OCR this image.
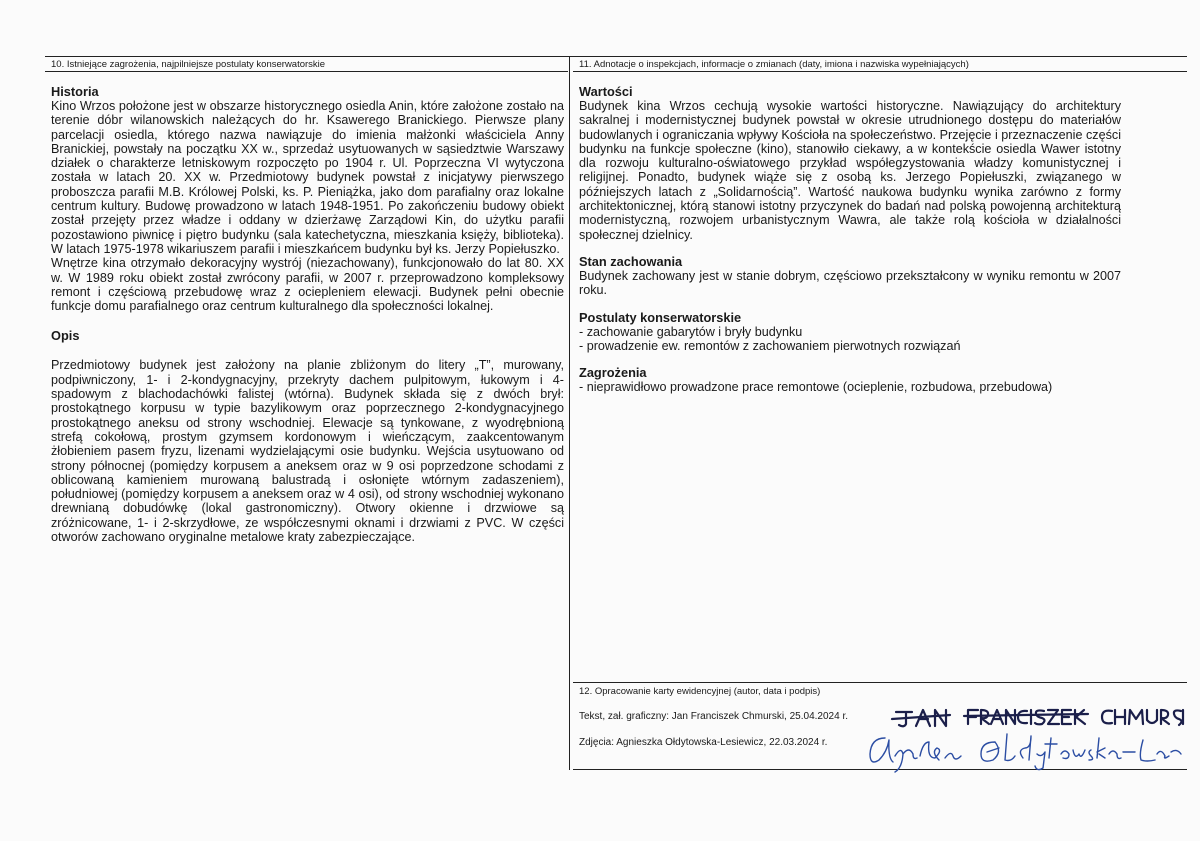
10. Istniejące zagrożenia, najpilniejsze postulaty konserwatorskie	11. Adnotacje o inspekcjach, informacje o zmianach (daty, imiona i nazwiska wypełniających)
Historia

Kino Wrzos położone jest w obszarze historycznego osiedla Anin, które założone zostało na terenie dóbr wilanowskich należących do hr. Ksawerego Branickiego. Pierwsze plany parcelacji osiedla, którego nazwa nawiązuje do imienia małżonki właściciela Anny Branickiej, powstały na początku XX w., sprzedaż usytuowanych w sąsiedztwie Warszawy działek o charakterze letniskowym rozpoczęto po 1904 r. Ul. Poprzeczna VI wytyczona została w latach 20. XX w. Przedmiotowy budynek powstał z inicjatywy pierwszego proboszcza parafii M.B. Królowej Polski, ks. P. Pieniążka, jako dom parafialny oraz lokalne centrum kultury. Budowę prowadzono w latach 1948-1951. Po zakończeniu budowy obiekt został przejęty przez władze i oddany w dzierżawę Zarządowi Kin, do użytku parafii pozostawiono piwnicę i piętro budynku (sala katechetyczna, mieszkania księży, biblioteka). W latach 1975-1978 wikariuszem parafii i mieszkańcem budynku był ks. Jerzy Popiełuszko.

Wnętrze kina otrzymało dekoracyjny wystrój (niezachowany), funkcjonowało do lat 80. XX w. W 1989 roku obiekt został zwrócony parafii, w 2007 r. przeprowadzono kompleksowy remont i częściową przebudowę wraz z ociepleniem elewacji. Budynek pełni obecnie funkcje domu parafialnego oraz centrum kulturalnego dla społeczności lokalnej.

Opis

Przedmiotowy budynek jest założony na planie zbliżonym do litery „T”, murowany, podpiwniczony, 1- i 2-kondygnacyjny, przekryty dachem pulpitowym, łukowym i 4-spadowym z blachodachówki falistej (wtórna). Budynek składa się z dwóch brył: prostokątnego korpusu w typie bazylikowym oraz poprzecznego 2-kondygnacyjnego prostokątnego aneksu od strony wschodniej. Elewacje są tynkowane, z wyodrębnioną strefą cokołową, prostym gzymsem kordonowym i wieńczącym, zaakcentowanym żłobieniem pasem fryzu, lizenami wydzielającymi osie budynku. Wejścia usytuowano od strony północnej (pomiędzy korpusem a aneksem oraz w 9 osi poprzedzone schodami z oblicowaną kamieniem murowaną balustradą i osłonięte wtórnym zadaszeniem), południowej (pomiędzy korpusem a aneksem oraz w 4 osi), od strony wschodniej wykonano drewnianą dobudówkę (lokal gastronomiczny). Otwory okienne i drzwiowe są zróżnicowane, 1- i 2-skrzydłowe, ze współczesnymi oknami i drzwiami z PVC. W części otworów zachowano oryginalne metalowe kraty zabezpieczające.

Wartości

Budynek kina Wrzos cechują wysokie wartości historyczne. Nawiązujący do architektury sakralnej i modernistycznej budynek powstał w okresie utrudnionego dostępu do materiałów budowlanych i ograniczania wpływy Kościoła na społeczeństwo. Przejęcie i przeznaczenie części budynku na funkcje społeczne (kino), stanowiło ciekawy, a w kontekście osiedla Wawer istotny dla rozwoju kulturalno-oświatowego przykład współegzystowania władzy komunistycznej i religijnej. Ponadto, budynek wiąże się z osobą ks. Jerzego Popiełuszki, związanego w późniejszych latach z „Solidarnością”. Wartość naukowa budynku wynika zarówno z formy architektonicznej, którą stanowi istotny przyczynek do badań nad polską powojenną architekturą modernistyczną, rozwojem urbanistycznym Wawra, ale także rolą kościoła w działalności społecznej dzielnicy.

Stan zachowania

Budynek zachowany jest w stanie dobrym, częściowo przekształcony w wyniku remontu w 2007 roku.

Postulaty konserwatorskie
- zachowanie gabarytów i bryły budynku
- prowadzenie ew. remontów z zachowaniem pierwotnych rozwiązań
Zagrożenia
- nieprawidłowo prowadzone prace remontowe (ocieplenie, rozbudowa, przebudowa)
12. Opracowanie karty ewidencyjnej (autor, data i podpis)
Tekst, zał. graficzny: Jan Franciszek Chmurski, 25.04.2024 r.
Zdjęcia: Agnieszka Ołdytowska-Lesiewicz, 22.03.2024 r.
